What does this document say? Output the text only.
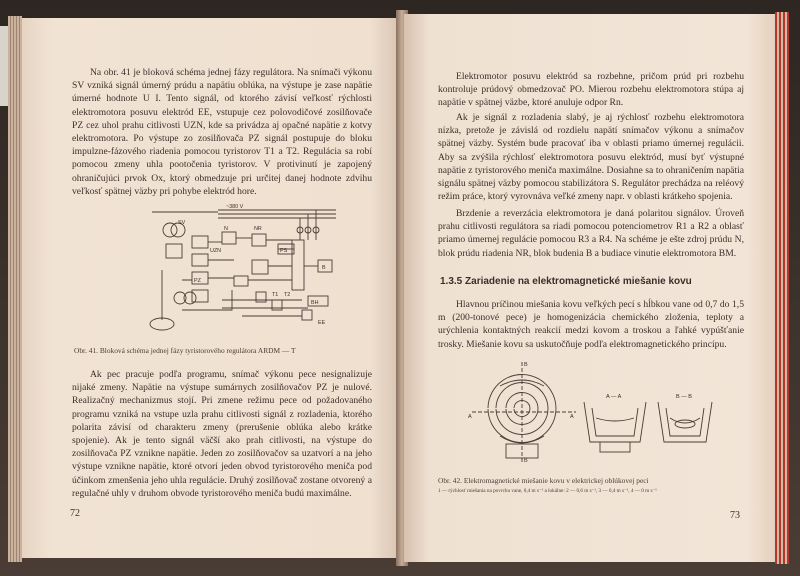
Na obr. 41 je bloková schéma jednej fázy regulátora. Na snímači výkonu SV vzniká signál úmerný prúdu a napätiu oblúka, na výstupe je zase napätie úmerné hodnote U I. Tento signál, od ktorého závisí veľkosť rýchlosti elektromotora posuvu elektród EE, vstupuje cez polovodičové zosilňovače PZ cez uhol prahu citlivosti UZN, kde sa privádza aj opačné napätie z kotvy elektromotora. Po výstupe zo zosilňovača PZ signál postupuje do bloku impulzne-fázového riadenia pomocou tyristorov T1 a T2. Regulácia sa robí pomocou zmeny uhla pootočenia tyristorov. V protivinutí je zapojený ohraničujúci prvok Ox, ktorý obmedzuje pri určitej danej hodnote zdvihu veľkosť spätnej väzby pri pohybe elektród hore.

~380 V
SV
NR
N
PS
PZ
B
BH
EE
UZN
T1 T2
Obr. 41. Bloková schéma jednej fázy tyristorového regulátora ARDM — T

Ak pec pracuje podľa programu, snímač výkonu pece nesignalizuje nijaké zmeny. Napätie na výstupe sumárnych zosilňovačov PZ je nulové. Realizačný mechanizmus stojí. Pri zmene režimu pece od požadovaného programu vzniká na vstupe uzla prahu citlivosti signál z rozladenia, ktorého polarita závisí od charakteru zmeny (prerušenie oblúka alebo krátke spojenie). Ak je tento signál väčší ako prah citlivosti, na výstupe do zosilňovača PZ vznikne napätie. Jeden zo zosilňovačov sa uzatvorí a na jeho výstupe vznikne napätie, ktoré otvorí jeden obvod tyristorového meniča pod účinkom zmenšenia jeho uhla regulácie. Druhý zosilňovač zostane otvorený a regulačné uhly v druhom obvode tyristorového meniča budú maximálne.

72

Elektromotor posuvu elektród sa rozbehne, pričom prúd pri rozbehu kontroluje prúdový obmedzovač PO. Mierou rozbehu elektromotora stúpa aj napätie v spätnej väzbe, ktoré anuluje odpor Rn.

Ak je signál z rozladenia slabý, je aj rýchlosť rozbehu elektromotora nízka, pretože je závislá od rozdielu napätí snímačov výkonu a snímačov spätnej väzby. Systém bude pracovať iba v oblasti priamo úmernej regulácii. Aby sa zvýšila rýchlosť elektromotora posuvu elektród, musí byť výstupné napätie z tyristorového meniča maximálne. Dosiahne sa to ohraničením napätia signálu spätnej väzby pomocou stabilizátora S. Regulátor prechádza na reléový režim práce, ktorý vyrovnáva veľké zmeny napr. v oblasti krátkeho spojenia.

Brzdenie a reverzácia elektromotora je daná polaritou signálov. Úroveň prahu citlivosti regulátora sa riadi pomocou potenciometrov R1 a R2 a oblasť priamo úmernej regulácie pomocou R3 a R4. Na schéme je ešte zdroj prúdu N, blok prúdu riadenia NR, blok budenia B a budiace vinutie elektromotora BM.

1.3.5 Zariadenie na elektromagnetické miešanie kovu

Hlavnou príčinou miešania kovu veľkých pecí s hĺbkou vane od 0,7 do 1,5 m (200-tonové pece) je homogenizácia chemického zloženia, teploty a urýchlenia kontaktných reakcií medzi kovom a troskou a ľahké vypúšťanie trosky. Miešanie kovu sa uskutočňuje podľa elektromagnetického princípu.

B
B
A	A
A — A	B — B
Obr. 42. Elektromagnetické miešanie kovu v elektrickej oblúkovej peci
1 — rýchlosť miešania na povrchu vane, 0,4 m s⁻¹ a lokálne: 2 — 0,6 m s⁻¹, 3 — 0,4 m s⁻¹, 4 — 0 m s⁻¹
73
